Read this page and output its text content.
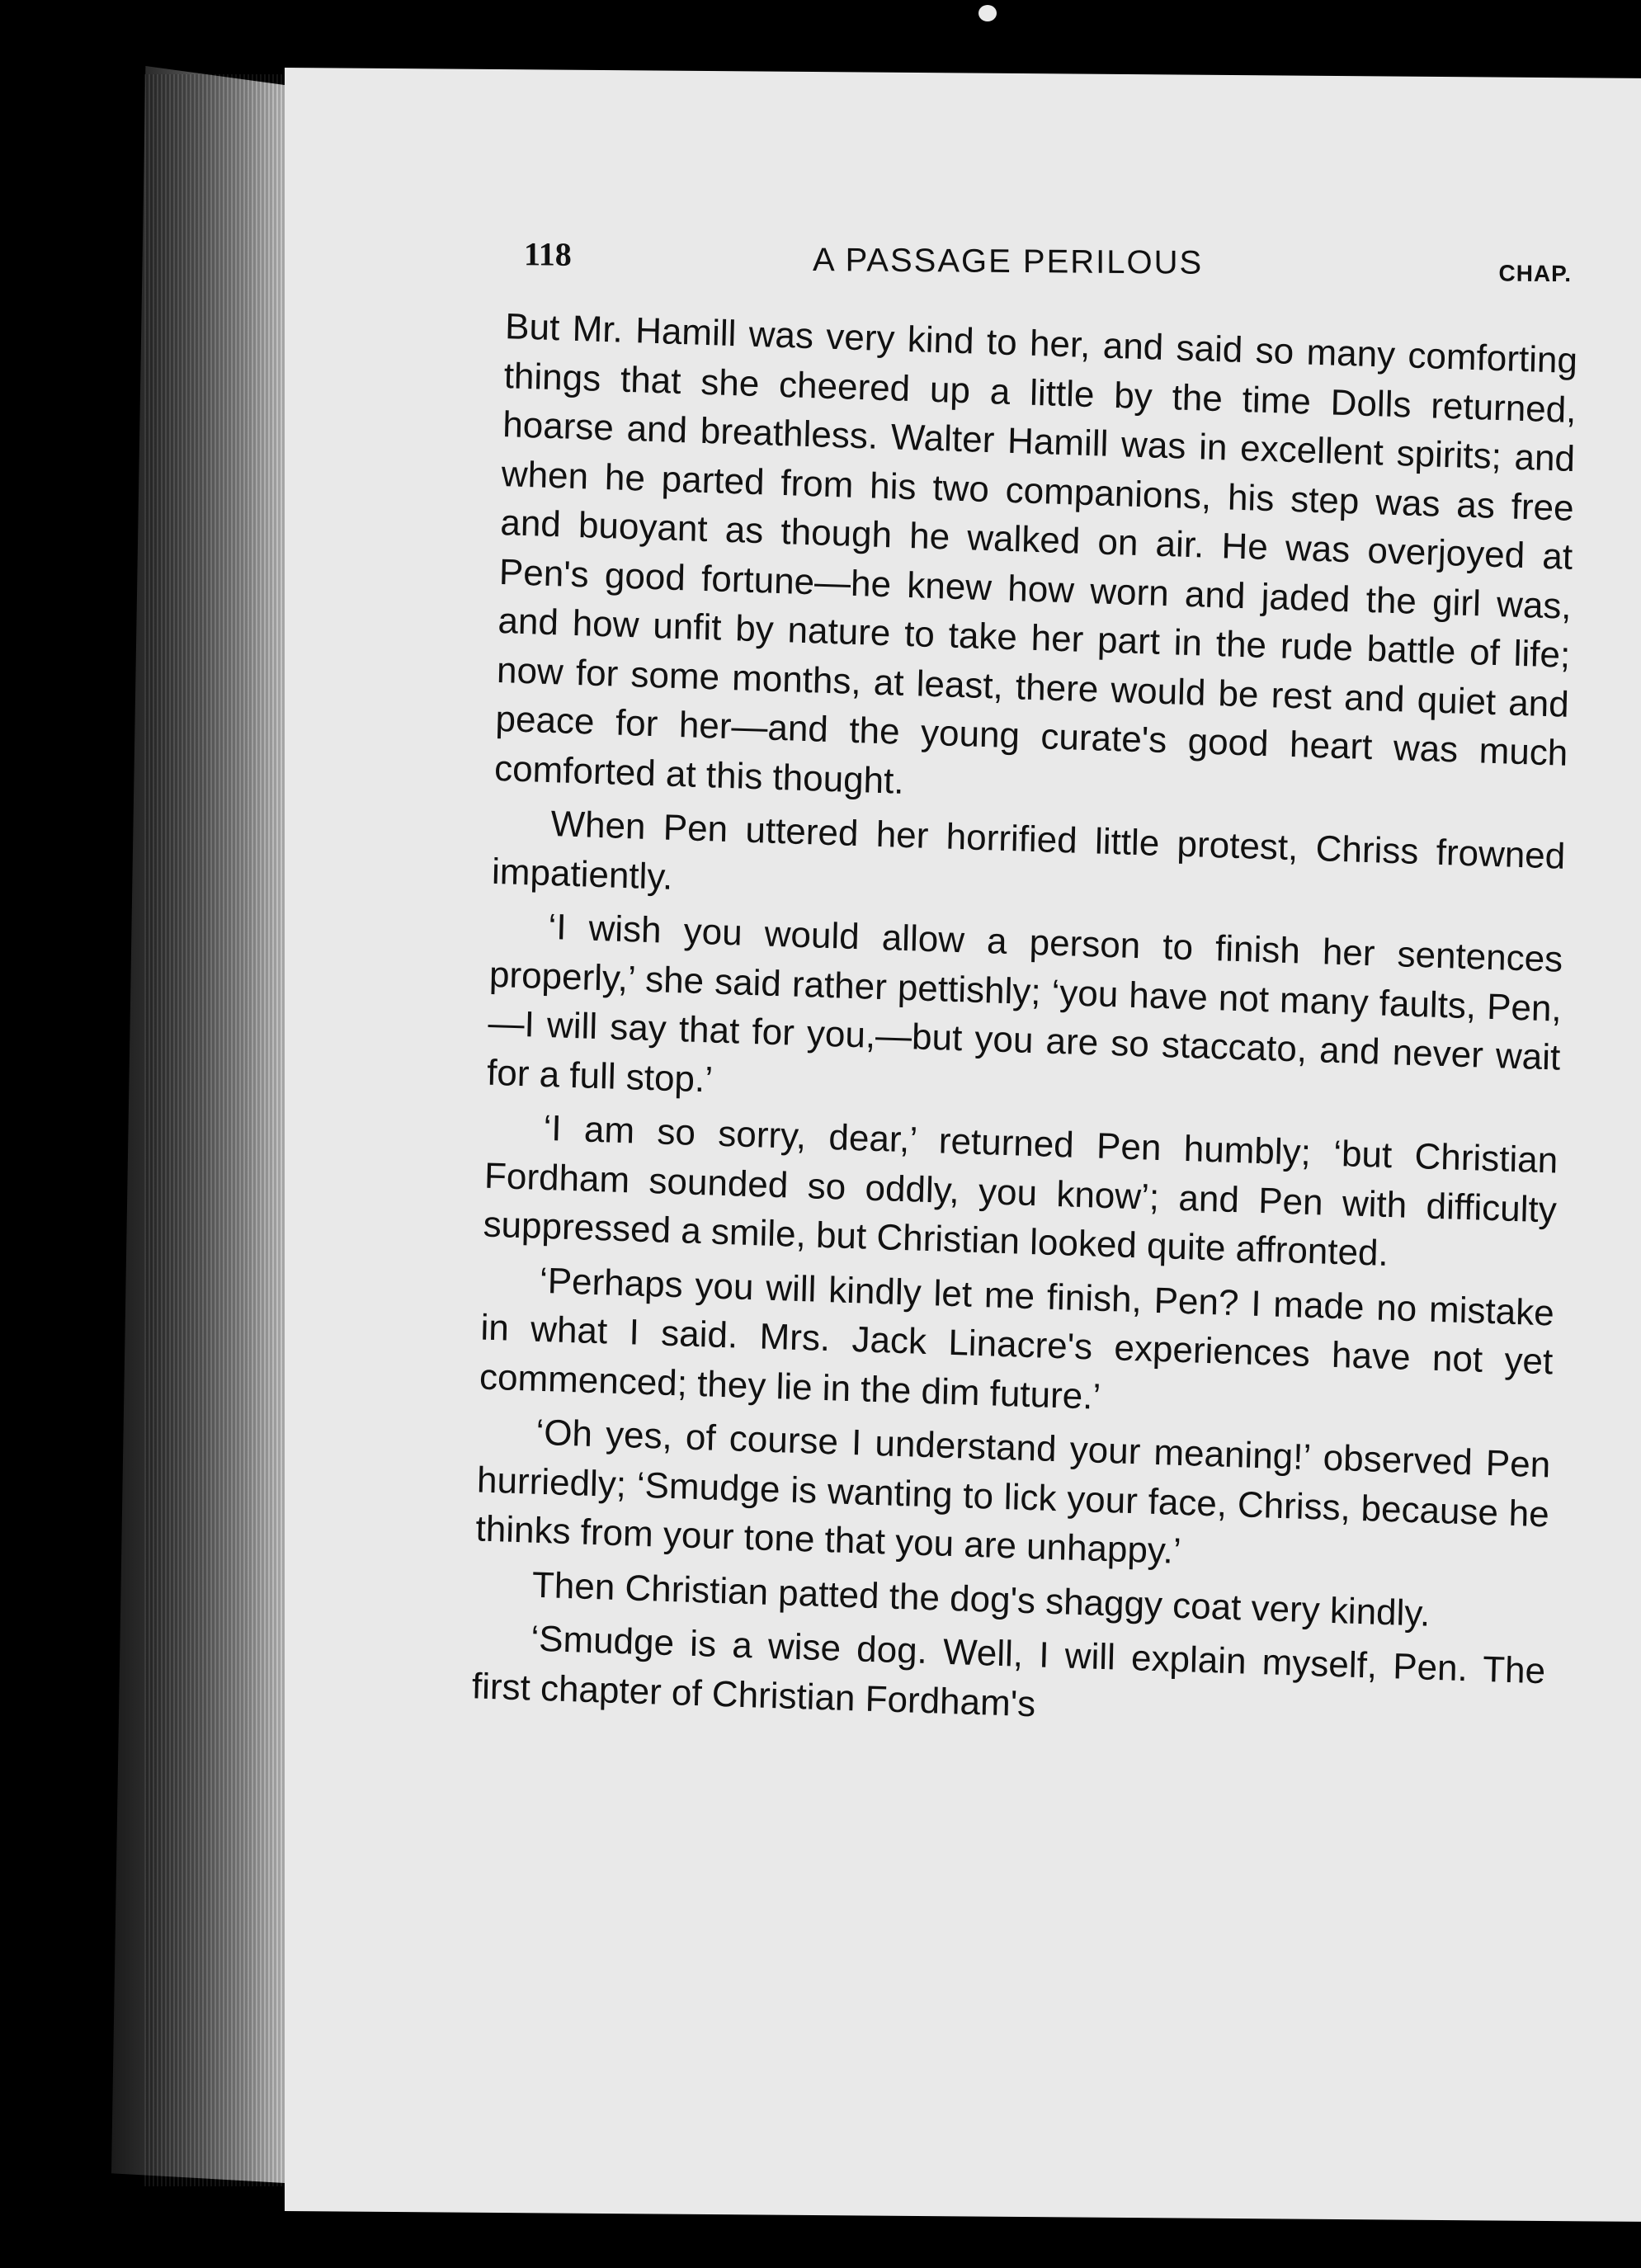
118	A PASSAGE PERILOUS	CHAP.

But Mr. Hamill was very kind to her, and said so many comforting things that she cheered up a little by the time Dolls returned, hoarse and breathless. Walter Hamill was in excellent spirits; and when he parted from his two companions, his step was as free and buoyant as though he walked on air. He was overjoyed at Pen's good fortune—he knew how worn and jaded the girl was, and how unfit by nature to take her part in the rude battle of life; now for some months, at least, there would be rest and quiet and peace for her—and the young curate's good heart was much comforted at this thought.

When Pen uttered her horrified little protest, Chriss frowned impatiently.

‘I wish you would allow a person to finish her sentences properly,’ she said rather pettishly; ‘you have not many faults, Pen,—I will say that for you,—but you are so staccato, and never wait for a full stop.’

‘I am so sorry, dear,’ returned Pen humbly; ‘but Christian Fordham sounded so oddly, you know’; and Pen with difficulty suppressed a smile, but Christian looked quite affronted.

‘Perhaps you will kindly let me finish, Pen? I made no mistake in what I said. Mrs. Jack Linacre's experiences have not yet commenced; they lie in the dim future.’

‘Oh yes, of course I understand your meaning!’ observed Pen hurriedly; ‘Smudge is wanting to lick your face, Chriss, because he thinks from your tone that you are unhappy.’

Then Christian patted the dog's shaggy coat very kindly.

‘Smudge is a wise dog. Well, I will explain myself, Pen. The first chapter of Christian Fordham's
